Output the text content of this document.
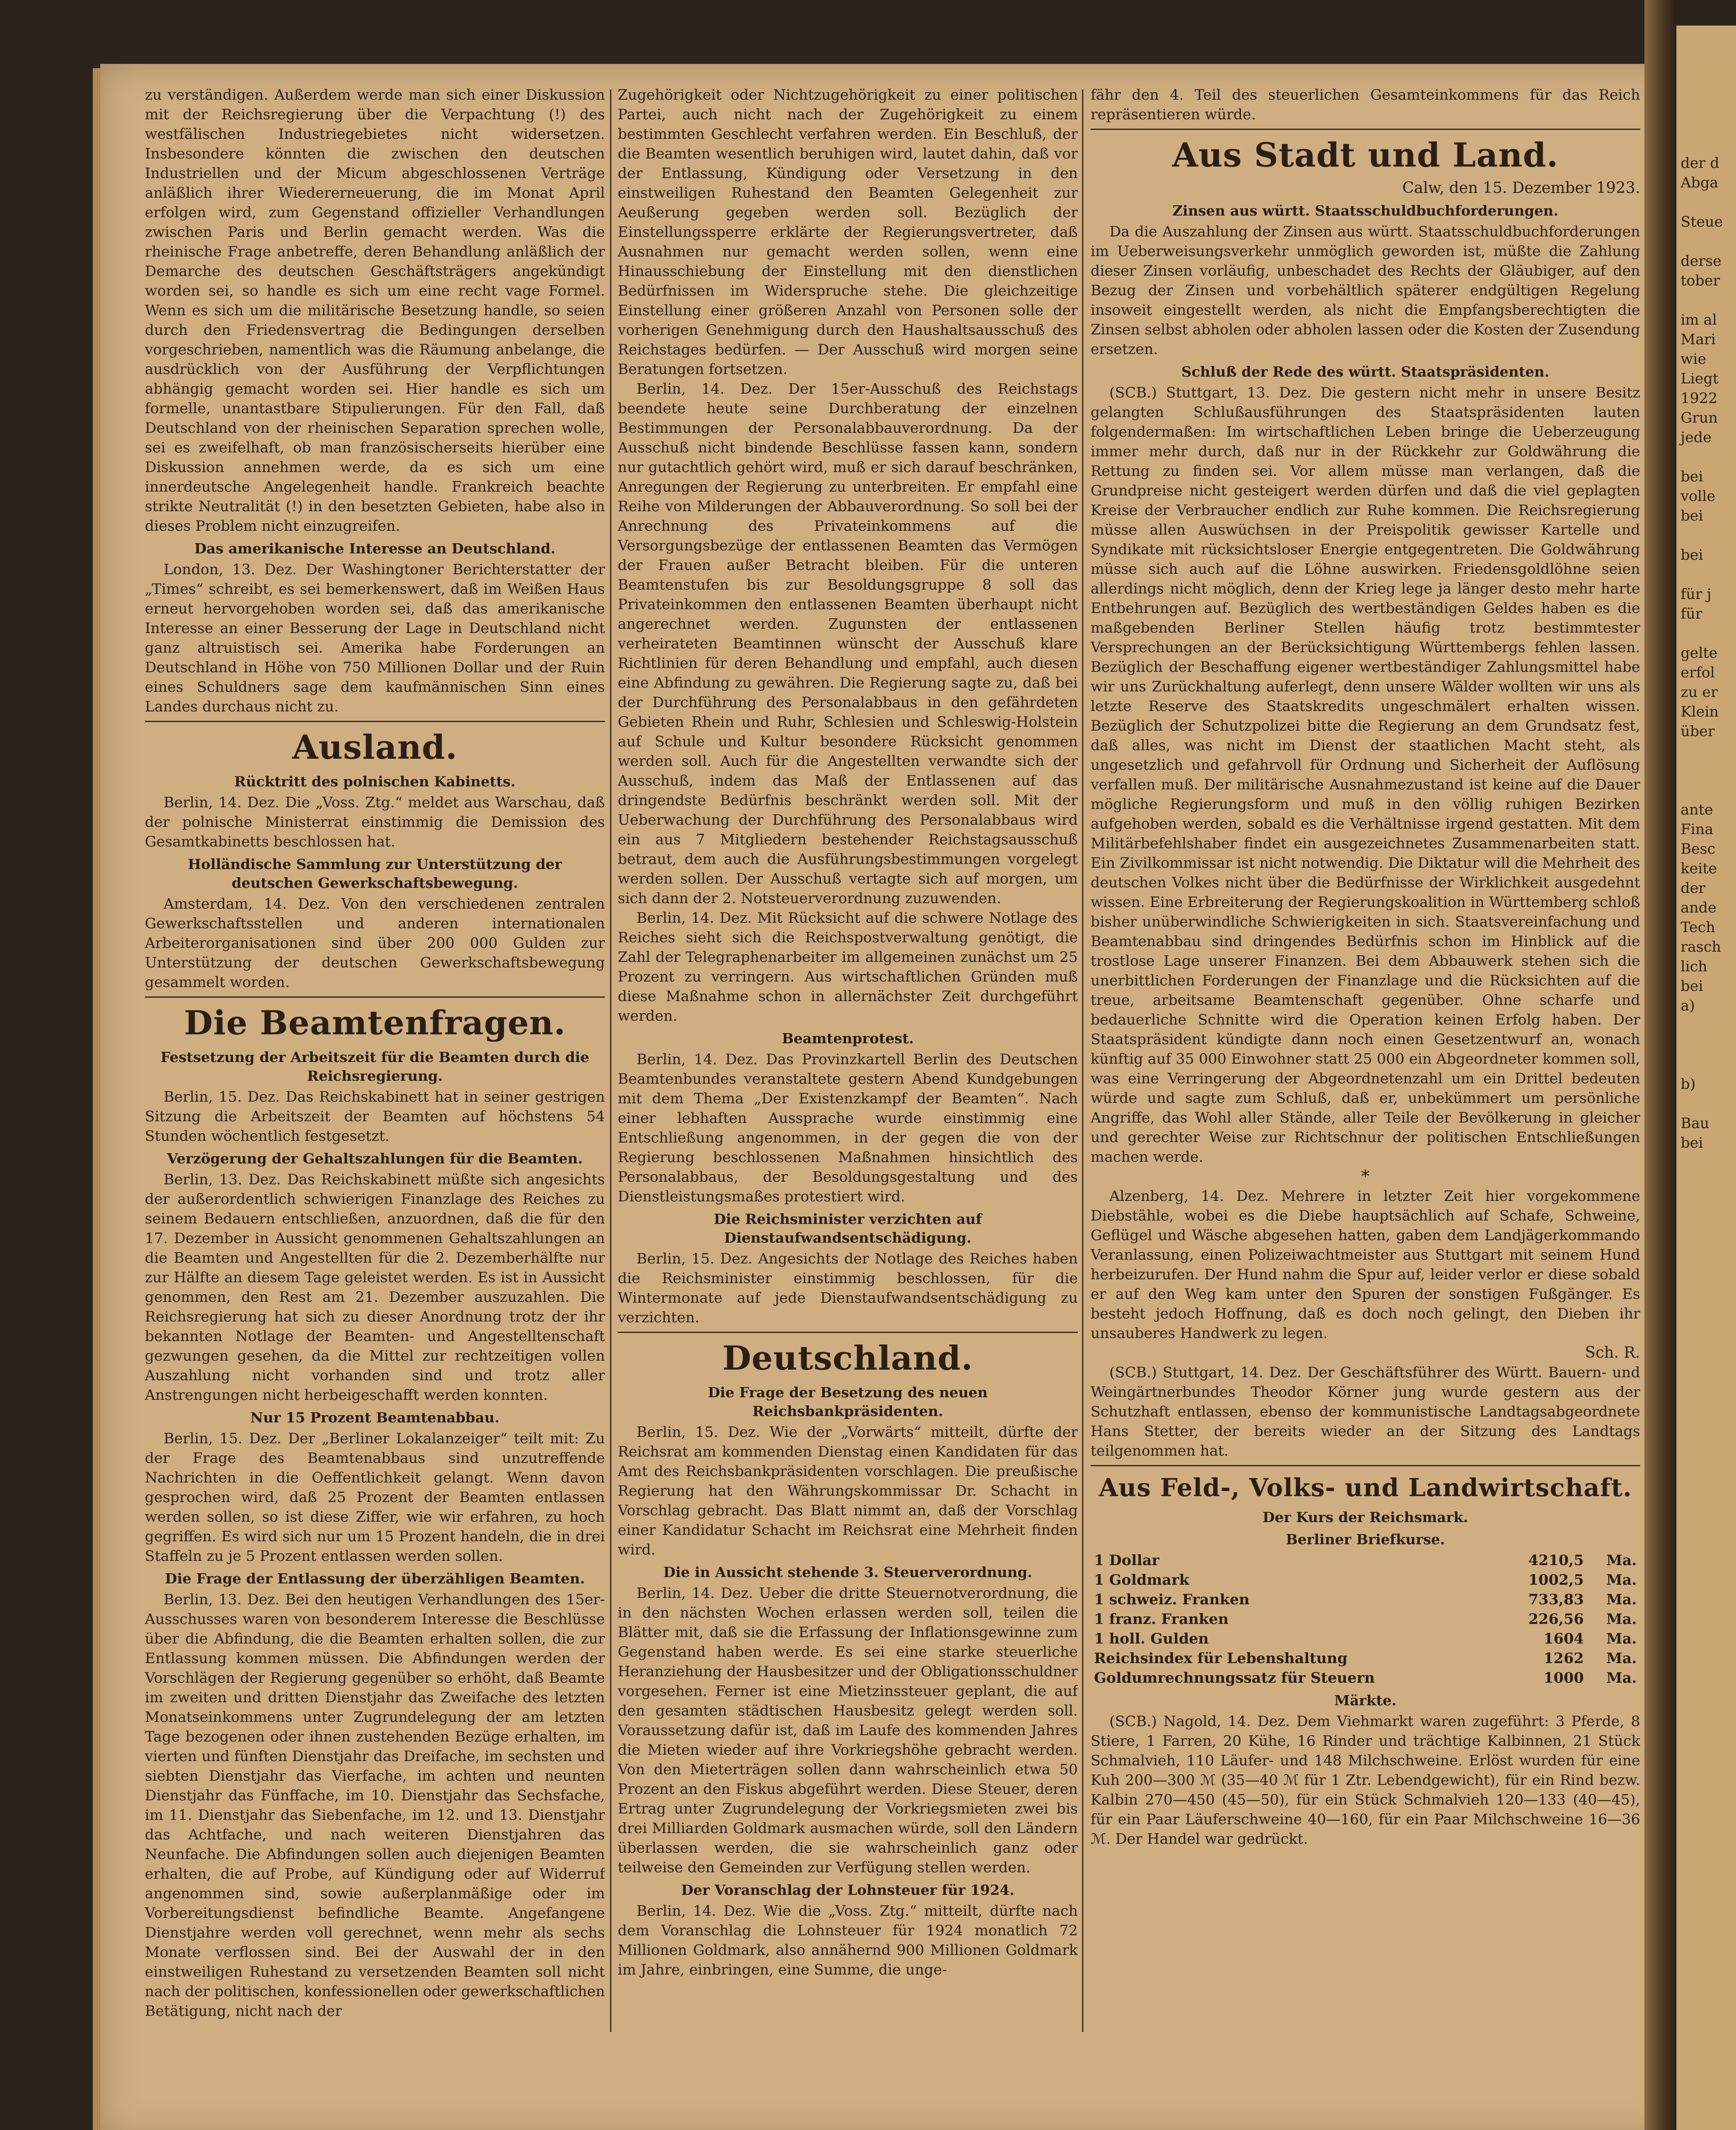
zu verständigen. Außerdem werde man sich einer Diskussion mit der Reichsregierung über die Verpachtung (!) des westfälischen Industriegebietes nicht widersetzen. Insbesondere könnten die zwischen den deutschen Industriellen und der Micum abgeschlossenen Verträge anläßlich ihrer Wiedererneuerung, die im Monat April erfolgen wird, zum Gegenstand offizieller Verhandlungen zwischen Paris und Berlin gemacht werden. Was die rheinische Frage anbetreffe, deren Behandlung anläßlich der Demarche des deutschen Geschäftsträgers angekündigt worden sei, so handle es sich um eine recht vage Formel. Wenn es sich um die militärische Besetzung handle, so seien durch den Friedensvertrag die Bedingungen derselben vorgeschrieben, namentlich was die Räumung anbelange, die ausdrücklich von der Ausführung der Verpflichtungen abhängig gemacht worden sei. Hier handle es sich um formelle, unantastbare Stipulierungen. Für den Fall, daß Deutschland von der rheinischen Separation sprechen wolle, sei es zweifelhaft, ob man französischerseits hierüber eine Diskussion annehmen werde, da es sich um eine innerdeutsche Angelegenheit handle. Frankreich beachte strikte Neutralität (!) in den besetzten Gebieten, habe also in dieses Problem nicht einzugreifen.

Das amerikanische Interesse an Deutschland.

London, 13. Dez. Der Washingtoner Berichterstatter der „Times“ schreibt, es sei bemerkenswert, daß im Weißen Haus erneut hervorgehoben worden sei, daß das amerikanische Interesse an einer Besserung der Lage in Deutschland nicht ganz altruistisch sei. Amerika habe Forderungen an Deutschland in Höhe von 750 Millionen Dollar und der Ruin eines Schuldners sage dem kaufmännischen Sinn eines Landes durchaus nicht zu.

Ausland.
Rücktritt des polnischen Kabinetts.

Berlin, 14. Dez. Die „Voss. Ztg.“ meldet aus Warschau, daß der polnische Ministerrat einstimmig die Demission des Gesamtkabinetts beschlossen hat.

Holländische Sammlung zur Unterstützung der deutschen Gewerkschaftsbewegung.

Amsterdam, 14. Dez. Von den verschiedenen zentralen Gewerkschaftsstellen und anderen internationalen Arbeiterorganisationen sind über 200 000 Gulden zur Unterstützung der deutschen Gewerkschaftsbewegung gesammelt worden.

Die Beamtenfragen.
Festsetzung der Arbeitszeit für die Beamten durch die Reichsregierung.

Berlin, 15. Dez. Das Reichskabinett hat in seiner gestrigen Sitzung die Arbeitszeit der Beamten auf höchstens 54 Stunden wöchentlich festgesetzt.

Verzögerung der Gehaltszahlungen für die Beamten.

Berlin, 13. Dez. Das Reichskabinett müßte sich angesichts der außerordentlich schwierigen Finanzlage des Reiches zu seinem Bedauern entschließen, anzuordnen, daß die für den 17. Dezember in Aussicht genommenen Gehaltszahlungen an die Beamten und Angestellten für die 2. Dezemberhälfte nur zur Hälfte an diesem Tage geleistet werden. Es ist in Aussicht genommen, den Rest am 21. Dezember auszuzahlen. Die Reichsregierung hat sich zu dieser Anordnung trotz der ihr bekannten Notlage der Beamten- und Angestelltenschaft gezwungen gesehen, da die Mittel zur rechtzeitigen vollen Auszahlung nicht vorhanden sind und trotz aller Anstrengungen nicht herbeigeschafft werden konnten.

Nur 15 Prozent Beamtenabbau.

Berlin, 15. Dez. Der „Berliner Lokalanzeiger“ teilt mit: Zu der Frage des Beamtenabbaus sind unzutreffende Nachrichten in die Oeffentlichkeit gelangt. Wenn davon gesprochen wird, daß 25 Prozent der Beamten entlassen werden sollen, so ist diese Ziffer, wie wir erfahren, zu hoch gegriffen. Es wird sich nur um 15 Prozent handeln, die in drei Staffeln zu je 5 Prozent entlassen werden sollen.

Die Frage der Entlassung der überzähligen Beamten.

Berlin, 13. Dez. Bei den heutigen Verhandlungen des 15er-Ausschusses waren von besonderem Interesse die Beschlüsse über die Abfindung, die die Beamten erhalten sollen, die zur Entlassung kommen müssen. Die Abfindungen werden der Vorschlägen der Regierung gegenüber so erhöht, daß Beamte im zweiten und dritten Dienstjahr das Zweifache des letzten Monatseinkommens unter Zugrundelegung der am letzten Tage bezogenen oder ihnen zustehenden Bezüge erhalten, im vierten und fünften Dienstjahr das Dreifache, im sechsten und siebten Dienstjahr das Vierfache, im achten und neunten Dienstjahr das Fünffache, im 10. Dienstjahr das Sechsfache, im 11. Dienstjahr das Siebenfache, im 12. und 13. Dienstjahr das Achtfache, und nach weiteren Dienstjahren das Neunfache. Die Abfindungen sollen auch diejenigen Beamten erhalten, die auf Probe, auf Kündigung oder auf Widerruf angenommen sind, sowie außerplanmäßige oder im Vorbereitungsdienst befindliche Beamte. Angefangene Dienstjahre werden voll gerechnet, wenn mehr als sechs Monate verflossen sind. Bei der Auswahl der in den einstweiligen Ruhestand zu versetzenden Beamten soll nicht nach der politischen, konfessionellen oder gewerkschaftlichen Betätigung, nicht nach der

Zugehörigkeit oder Nichtzugehörigkeit zu einer politischen Partei, auch nicht nach der Zugehörigkeit zu einem bestimmten Geschlecht verfahren werden. Ein Beschluß, der die Beamten wesentlich beruhigen wird, lautet dahin, daß vor der Entlassung, Kündigung oder Versetzung in den einstweiligen Ruhestand den Beamten Gelegenheit zur Aeußerung gegeben werden soll. Bezüglich der Einstellungssperre erklärte der Regierungsvertreter, daß Ausnahmen nur gemacht werden sollen, wenn eine Hinausschiebung der Einstellung mit den dienstlichen Bedürfnissen im Widerspruche stehe. Die gleichzeitige Einstellung einer größeren Anzahl von Personen solle der vorherigen Genehmigung durch den Haushaltsausschuß des Reichstages bedürfen. — Der Ausschuß wird morgen seine Beratungen fortsetzen.

Berlin, 14. Dez. Der 15er-Ausschuß des Reichstags beendete heute seine Durchberatung der einzelnen Bestimmungen der Personalabbauverordnung. Da der Ausschuß nicht bindende Beschlüsse fassen kann, sondern nur gutachtlich gehört wird, muß er sich darauf beschränken, Anregungen der Regierung zu unterbreiten. Er empfahl eine Reihe von Milderungen der Abbauverordnung. So soll bei der Anrechnung des Privateinkommens auf die Versorgungsbezüge der entlassenen Beamten das Vermögen der Frauen außer Betracht bleiben. Für die unteren Beamtenstufen bis zur Besoldungsgruppe 8 soll das Privateinkommen den entlassenen Beamten überhaupt nicht angerechnet werden. Zugunsten der entlassenen verheirateten Beamtinnen wünscht der Ausschuß klare Richtlinien für deren Behandlung und empfahl, auch diesen eine Abfindung zu gewähren. Die Regierung sagte zu, daß bei der Durchführung des Personalabbaus in den gefährdeten Gebieten Rhein und Ruhr, Schlesien und Schleswig-Holstein auf Schule und Kultur besondere Rücksicht genommen werden soll. Auch für die Angestellten verwandte sich der Ausschuß, indem das Maß der Entlassenen auf das dringendste Bedürfnis beschränkt werden soll. Mit der Ueberwachung der Durchführung des Personalabbaus wird ein aus 7 Mitgliedern bestehender Reichstagsausschuß betraut, dem auch die Ausführungsbestimmungen vorgelegt werden sollen. Der Ausschuß vertagte sich auf morgen, um sich dann der 2. Notsteuerverordnung zuzuwenden.

Berlin, 14. Dez. Mit Rücksicht auf die schwere Notlage des Reiches sieht sich die Reichspostverwaltung genötigt, die Zahl der Telegraphenarbeiter im allgemeinen zunächst um 25 Prozent zu verringern. Aus wirtschaftlichen Gründen muß diese Maßnahme schon in allernächster Zeit durchgeführt werden.

Beamtenprotest.

Berlin, 14. Dez. Das Provinzkartell Berlin des Deutschen Beamtenbundes veranstaltete gestern Abend Kundgebungen mit dem Thema „Der Existenzkampf der Beamten“. Nach einer lebhaften Aussprache wurde einstimmig eine Entschließung angenommen, in der gegen die von der Regierung beschlossenen Maßnahmen hinsichtlich des Personalabbaus, der Besoldungsgestaltung und des Dienstleistungsmaßes protestiert wird.

Die Reichsminister verzichten auf Dienstaufwandsentschädigung.

Berlin, 15. Dez. Angesichts der Notlage des Reiches haben die Reichsminister einstimmig beschlossen, für die Wintermonate auf jede Dienstaufwandsentschädigung zu verzichten.

Deutschland.
Die Frage der Besetzung des neuen Reichsbankpräsidenten.

Berlin, 15. Dez. Wie der „Vorwärts“ mitteilt, dürfte der Reichsrat am kommenden Dienstag einen Kandidaten für das Amt des Reichsbankpräsidenten vorschlagen. Die preußische Regierung hat den Währungskommissar Dr. Schacht in Vorschlag gebracht. Das Blatt nimmt an, daß der Vorschlag einer Kandidatur Schacht im Reichsrat eine Mehrheit finden wird.

Die in Aussicht stehende 3. Steuerverordnung.

Berlin, 14. Dez. Ueber die dritte Steuernotverordnung, die in den nächsten Wochen erlassen werden soll, teilen die Blätter mit, daß sie die Erfassung der Inflationsgewinne zum Gegenstand haben werde. Es sei eine starke steuerliche Heranziehung der Hausbesitzer und der Obligationsschuldner vorgesehen. Ferner ist eine Mietzinssteuer geplant, die auf den gesamten städtischen Hausbesitz gelegt werden soll. Voraussetzung dafür ist, daß im Laufe des kommenden Jahres die Mieten wieder auf ihre Vorkriegshöhe gebracht werden. Von den Mieterträgen sollen dann wahrscheinlich etwa 50 Prozent an den Fiskus abgeführt werden. Diese Steuer, deren Ertrag unter Zugrundelegung der Vorkriegsmieten zwei bis drei Milliarden Goldmark ausmachen würde, soll den Ländern überlassen werden, die sie wahrscheinlich ganz oder teilweise den Gemeinden zur Verfügung stellen werden.

Der Voranschlag der Lohnsteuer für 1924.

Berlin, 14. Dez. Wie die „Voss. Ztg.“ mitteilt, dürfte nach dem Voranschlag die Lohnsteuer für 1924 monatlich 72 Millionen Goldmark, also annähernd 900 Millionen Goldmark im Jahre, einbringen, eine Summe, die unge-

fähr den 4. Teil des steuerlichen Gesamteinkommens für das Reich repräsentieren würde.

Aus Stadt und Land.
Calw, den 15. Dezember 1923.
Zinsen aus württ. Staatsschuldbuchforderungen.

Da die Auszahlung der Zinsen aus württ. Staatsschuldbuchforderungen im Ueberweisungsverkehr unmöglich geworden ist, müßte die Zahlung dieser Zinsen vorläufig, unbeschadet des Rechts der Gläubiger, auf den Bezug der Zinsen und vorbehältlich späterer endgültigen Regelung insoweit eingestellt werden, als nicht die Empfangsberechtigten die Zinsen selbst abholen oder abholen lassen oder die Kosten der Zusendung ersetzen.

Schluß der Rede des württ. Staatspräsidenten.

(SCB.) Stuttgart, 13. Dez. Die gestern nicht mehr in unsere Besitz gelangten Schlußausführungen des Staatspräsidenten lauten folgendermaßen: Im wirtschaftlichen Leben bringe die Ueberzeugung immer mehr durch, daß nur in der Rückkehr zur Goldwährung die Rettung zu finden sei. Vor allem müsse man verlangen, daß die Grundpreise nicht gesteigert werden dürfen und daß die viel geplagten Kreise der Verbraucher endlich zur Ruhe kommen. Die Reichsregierung müsse allen Auswüchsen in der Preispolitik gewisser Kartelle und Syndikate mit rücksichtsloser Energie entgegentreten. Die Goldwährung müsse sich auch auf die Löhne auswirken. Friedensgoldlöhne seien allerdings nicht möglich, denn der Krieg lege ja länger desto mehr harte Entbehrungen auf. Bezüglich des wertbeständigen Geldes haben es die maßgebenden Berliner Stellen häufig trotz bestimmtester Versprechungen an der Berücksichtigung Württembergs fehlen lassen. Bezüglich der Beschaffung eigener wertbeständiger Zahlungsmittel habe wir uns Zurückhaltung auferlegt, denn unsere Wälder wollten wir uns als letzte Reserve des Staatskredits ungeschmälert erhalten wissen. Bezüglich der Schutzpolizei bitte die Regierung an dem Grundsatz fest, daß alles, was nicht im Dienst der staatlichen Macht steht, als ungesetzlich und gefahrvoll für Ordnung und Sicherheit der Auflösung verfallen muß. Der militärische Ausnahmezustand ist keine auf die Dauer mögliche Regierungsform und muß in den völlig ruhigen Bezirken aufgehoben werden, sobald es die Verhältnisse irgend gestatten. Mit dem Militärbefehlshaber findet ein ausgezeichnetes Zusammenarbeiten statt. Ein Zivilkommissar ist nicht notwendig. Die Diktatur will die Mehrheit des deutschen Volkes nicht über die Bedürfnisse der Wirklichkeit ausgedehnt wissen. Eine Erbreiterung der Regierungskoalition in Württemberg schloß bisher unüberwindliche Schwierigkeiten in sich. Staatsvereinfachung und Beamtenabbau sind dringendes Bedürfnis schon im Hinblick auf die trostlose Lage unserer Finanzen. Bei dem Abbauwerk stehen sich die unerbittlichen Forderungen der Finanzlage und die Rücksichten auf die treue, arbeitsame Beamtenschaft gegenüber. Ohne scharfe und bedauerliche Schnitte wird die Operation keinen Erfolg haben. Der Staatspräsident kündigte dann noch einen Gesetzentwurf an, wonach künftig auf 35 000 Einwohner statt 25 000 ein Abgeordneter kommen soll, was eine Verringerung der Abgeordnetenzahl um ein Drittel bedeuten würde und sagte zum Schluß, daß er, unbekümmert um persönliche Angriffe, das Wohl aller Stände, aller Teile der Bevölkerung in gleicher und gerechter Weise zur Richtschnur der politischen Entschließungen machen werde.

*

Alzenberg, 14. Dez. Mehrere in letzter Zeit hier vorgekommene Diebstähle, wobei es die Diebe hauptsächlich auf Schafe, Schweine, Geflügel und Wäsche abgesehen hatten, gaben dem Landjägerkommando Veranlassung, einen Polizeiwachtmeister aus Stuttgart mit seinem Hund herbeizurufen. Der Hund nahm die Spur auf, leider verlor er diese sobald er auf den Weg kam unter den Spuren der sonstigen Fußgänger. Es besteht jedoch Hoffnung, daß es doch noch gelingt, den Dieben ihr unsauberes Handwerk zu legen.

Sch. R.

(SCB.) Stuttgart, 14. Dez. Der Geschäftsführer des Württ. Bauern- und Weingärtnerbundes Theodor Körner jung wurde gestern aus der Schutzhaft entlassen, ebenso der kommunistische Landtagsabgeordnete Hans Stetter, der bereits wieder an der Sitzung des Landtags teilgenommen hat.

Aus Feld-, Volks- und Landwirtschaft.
Der Kurs der Reichsmark.
Berliner Briefkurse.
1 Dollar	4210,5	Ma.
1 Goldmark	1002,5	Ma.
1 schweiz. Franken	733,83	Ma.
1 franz. Franken	226,56	Ma.
1 holl. Gulden	1604	Ma.
Reichsindex für Lebenshaltung	1262	Ma.
Goldumrechnungssatz für Steuern	1000	Ma.
Märkte.

(SCB.) Nagold, 14. Dez. Dem Viehmarkt waren zugeführt: 3 Pferde, 8 Stiere, 1 Farren, 20 Kühe, 16 Rinder und trächtige Kalbinnen, 21 Stück Schmalvieh, 110 Läufer- und 148 Milchschweine. Erlöst wurden für eine Kuh 200—300 ℳ (35—40 ℳ für 1 Ztr. Lebendgewicht), für ein Rind bezw. Kalbin 270—450 (45—50), für ein Stück Schmalvieh 120—133 (40—45), für ein Paar Läuferschweine 40—160, für ein Paar Milchschweine 16—36 ℳ. Der Handel war gedrückt.

der d
Abga

Steue

derse
tober

im al
Mari
wie
Liegt
1922
Grun
jede

bei
volle
bei

bei

für j
für

gelte
erfol
zu er
Klein
über

ante
Fina
Besc
keite
der
ande
Tech
rasch
lich
bei
a)

b)

Bau
bei
